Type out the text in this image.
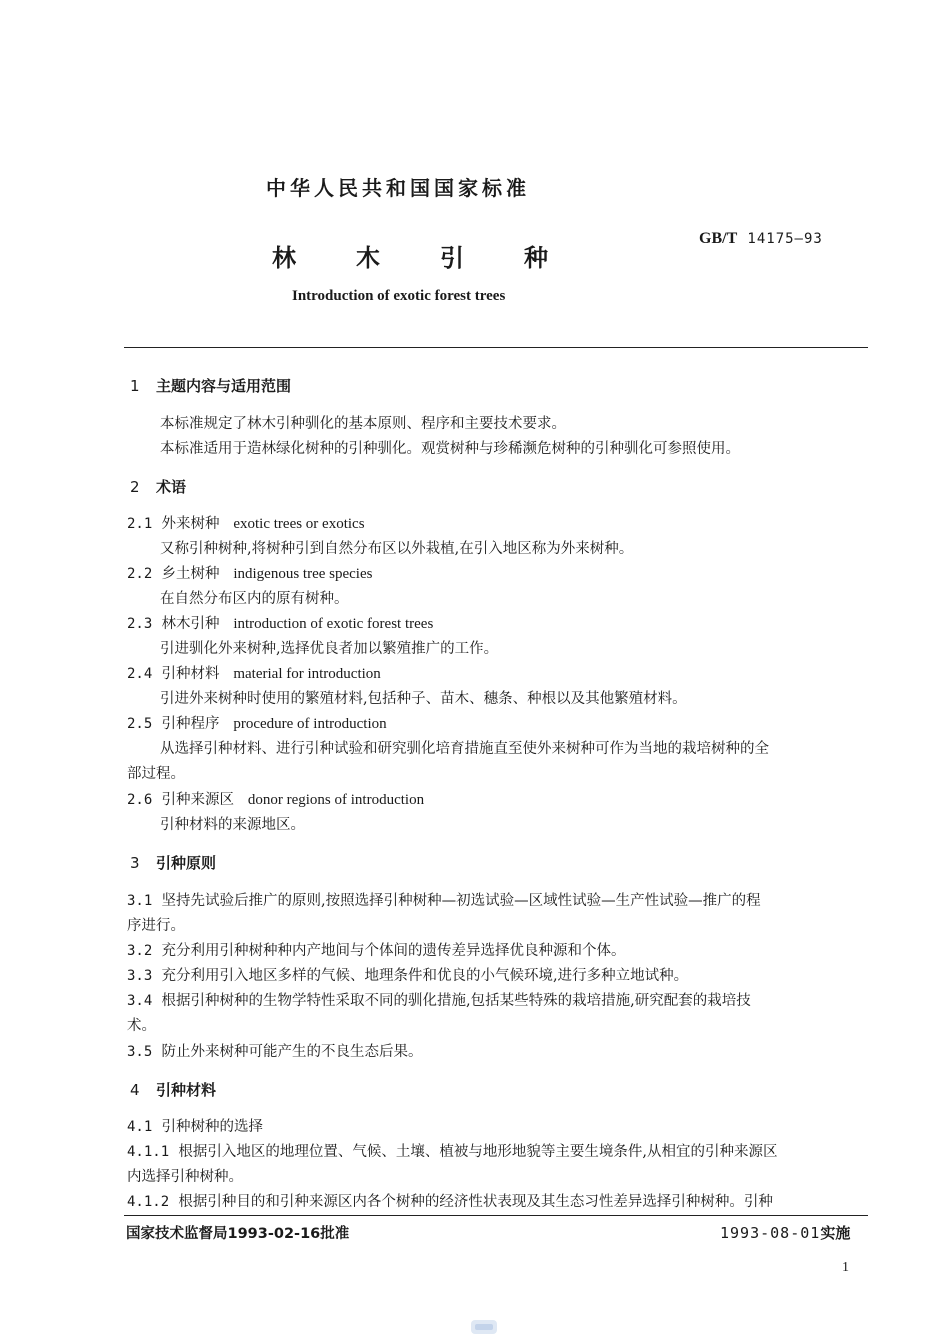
中华人民共和国国家标准
GB/T 14175—93
林木引种
Introduction of exotic forest trees
1 主题内容与适用范围
本标准规定了林木引种驯化的基本原则、程序和主要技术要求。
本标准适用于造林绿化树种的引种驯化。观赏树种与珍稀濒危树种的引种驯化可参照使用。
2 术语
2.1 外来树种 exotic trees or exotics
又称引种树种,将树种引到自然分布区以外栽植,在引入地区称为外来树种。
2.2 乡土树种 indigenous tree species
在自然分布区内的原有树种。
2.3 林木引种 introduction of exotic forest trees
引进驯化外来树种,选择优良者加以繁殖推广的工作。
2.4 引种材料 material for introduction
引进外来树种时使用的繁殖材料,包括种子、苗木、穗条、种根以及其他繁殖材料。
2.5 引种程序 procedure of introduction
从选择引种材料、进行引种试验和研究驯化培育措施直至使外来树种可作为当地的栽培树种的全
部过程。
2.6 引种来源区 donor regions of introduction
引种材料的来源地区。
3 引种原则
3.1 坚持先试验后推广的原则,按照选择引种树种—初选试验—区域性试验—生产性试验—推广的程
序进行。
3.2 充分利用引种树种种内产地间与个体间的遗传差异选择优良种源和个体。
3.3 充分利用引入地区多样的气候、地理条件和优良的小气候环境,进行多种立地试种。
3.4 根据引种树种的生物学特性采取不同的驯化措施,包括某些特殊的栽培措施,研究配套的栽培技
术。
3.5 防止外来树种可能产生的不良生态后果。
4 引种材料
4.1 引种树种的选择
4.1.1 根据引入地区的地理位置、气候、土壤、植被与地形地貌等主要生境条件,从相宜的引种来源区
内选择引种树种。
4.1.2 根据引种目的和引种来源区内各个树种的经济性状表现及其生态习性差异选择引种树种。引种
国家技术监督局1993-02-16批准	1993-08-01实施
1
